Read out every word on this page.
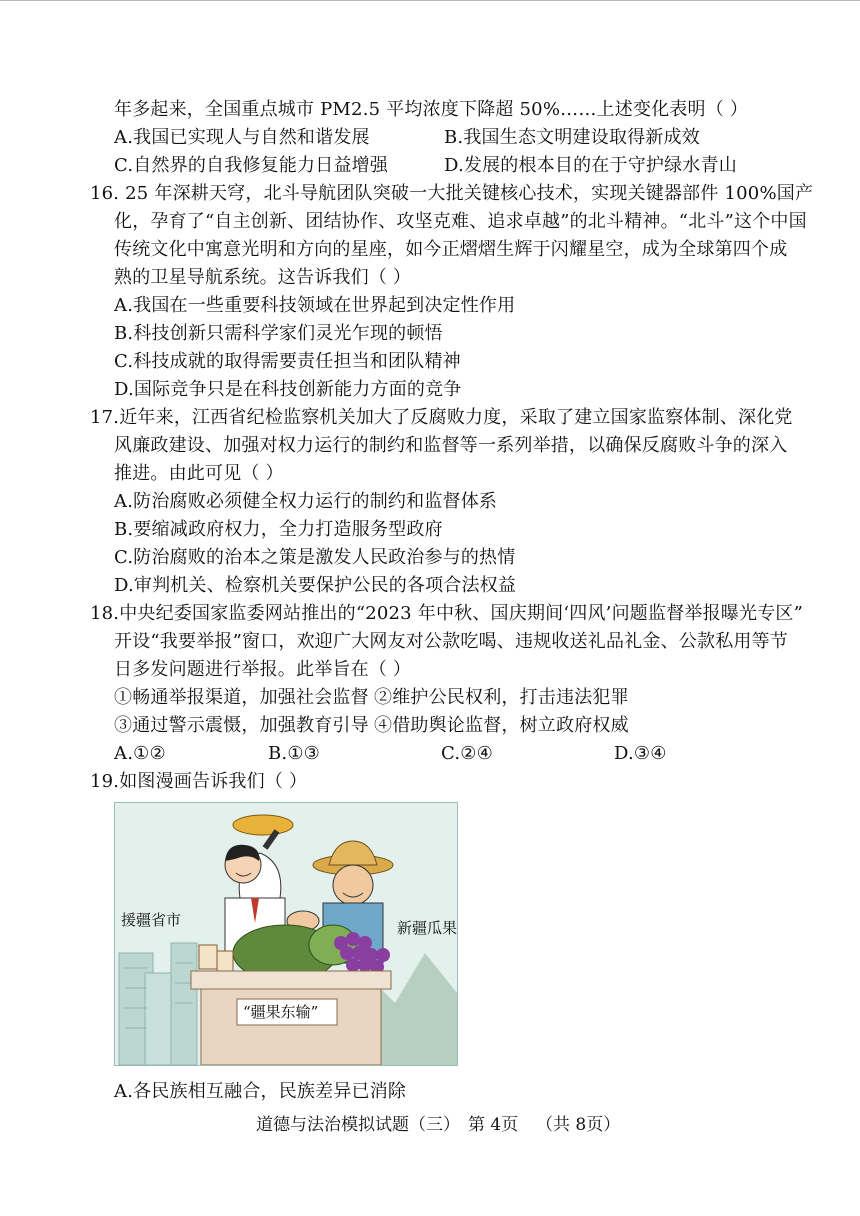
年多起来，全国重点城市 PM2.5 平均浓度下降超 50%……上述变化表明（ ）
A.我国已实现人与自然和谐发展	B.我国生态文明建设取得新成效
C.自然界的自我修复能力日益增强	D.发展的根本目的在于守护绿水青山
16. 25 年深耕天穹，北斗导航团队突破一大批关键核心技术，实现关键器部件 100%国产
化，孕育了“自主创新、团结协作、攻坚克难、追求卓越”的北斗精神。“北斗”这个中国
传统文化中寓意光明和方向的星座，如今正熠熠生辉于闪耀星空，成为全球第四个成
熟的卫星导航系统。这告诉我们（ ）
A.我国在一些重要科技领域在世界起到决定性作用
B.科技创新只需科学家们灵光乍现的顿悟
C.科技成就的取得需要责任担当和团队精神
D.国际竞争只是在科技创新能力方面的竞争
17.近年来，江西省纪检监察机关加大了反腐败力度，采取了建立国家监察体制、深化党
风廉政建设、加强对权力运行的制约和监督等一系列举措，以确保反腐败斗争的深入
推进。由此可见（ ）
A.防治腐败必须健全权力运行的制约和监督体系
B.要缩减政府权力，全力打造服务型政府
C.防治腐败的治本之策是激发人民政治参与的热情
D.审判机关、检察机关要保护公民的各项合法权益
18.中央纪委国家监委网站推出的“2023 年中秋、国庆期间‘四风’问题监督举报曝光专区”
开设“我要举报”窗口，欢迎广大网友对公款吃喝、违规收送礼品礼金、公款私用等节
日多发问题进行举报。此举旨在（ ）
①畅通举报渠道，加强社会监督 ②维护公民权利，打击违法犯罪
③通过警示震慑，加强教育引导 ④借助舆论监督，树立政府权威
A.①②	B.①③	C.②④	D.③④
19.如图漫画告诉我们（ ）
援疆省市	新疆瓜果
“疆果东输”
A.各民族相互融合，民族差异已消除
道德与法治模拟试题（三） 第 4页 （共 8页）
